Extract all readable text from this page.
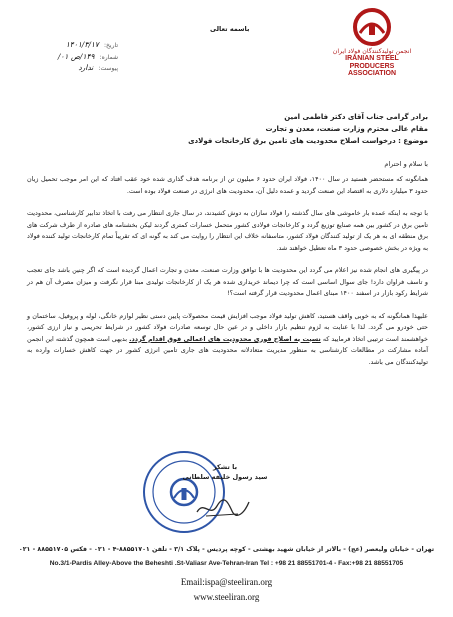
انجمن تولیدکنندگان فولاد ایران
IRANIAN STEEL
PRODUCERS ASSOCIATION
باسمه تعالی
تاریخ: ۱۴۰۱/۳/۱۷
شماره: ۱۴۹/ص ۰۱/
پیوست: ندارد
برادر گرامی جناب آقای دکتر فاطمی امین
مقام عالی محترم وزارت صنعت، معدن و تجارت
موضوع : درخواست اصلاح محدودیت های تامین برق کارخانجات فولادی
با سلام و احترام
همانگونه که مستحضر هستید در سال ۱۴۰۰، فولاد ایران حدود ۶ میلیون تن از برنامه هدف گذاری شده خود عقب افتاد که این امر موجب تحمیل زیان حدود ۳ میلیارد دلاری به اقتصاد این صنعت گردید و عمده دلیل آن، محدودیت های انرژی در صنعت فولاد بوده است.
با توجه به اینکه عمده بار خاموشی های سال گذشته را فولاد سازان به دوش کشیدند، در سال جاری انتظار می رفت با اتخاذ تدابیر کارشناسی، محدودیت تامین برق در کشور بین همه صنایع توزیع گردد و کارخانجات فولادی کشور متحمل خسارات کمتری گردند لیکن بخشنامه های صادره از طرف شرکت های برق منطقه ای به هر یک از تولید کنندگان فولاد کشور، متاسفانه خلاف این انتظار را روایت می کند به گونه ای که تقریباً تمام کارخانجات تولید کننده فولاد به ویژه در بخش خصوصی حدود ۳ ماه تعطیل خواهند شد.
در پیگیری های انجام شده نیز اعلام می گردد این محدودیت ها با توافق وزارت صنعت، معدن و تجارت اعمال گردیده است که اگر چنین باشد جای تعجب و تاسف فراوان دارد! جای سوال اساسی است که چرا دیماند خریداری شده هر یک از کارخانجات تولیدی مبنا قرار نگرفت و میزان مصرف آن هم در شرایط رکود بازار در اسفند ۱۴۰۰ مبنای اعمال محدودیت قرار گرفته است؟!
علیهذا همانگونه که به خوبی واقف هستید، کاهش تولید فولاد موجب افزایش قیمت محصولات پایین دستی نظیر لوازم خانگی، لوله و پروفیل، ساختمان و حتی خودرو می گردد. لذا با عنایت به لزوم تنظیم بازار داخلی و در عین حال توسعه صادرات فولاد کشور در شرایط تحریمی و نیاز ارزی کشور، خواهشمند است ترتیبی اتخاذ فرمایید که نسبت به اصلاح فوری محدودیت های اعمالی فوق اقدام گردد. بدیهی است همچون گذشته این انجمن آماده مشارکت در مطالعات کارشناسی به منظور مدیریت متعادلانه محدودیت های جاری تامین انرژی کشور در جهت کاهش خسارات وارده به تولیدکنندگان می باشد.
با تشکر
سید رسول خلیفه سلطانی
تهران - خیابان ولیعصر (عج) - بالاتر از خیابان شهید بهشتی - کوچه پردیس - پلاک ۳/۱ - تلفن ۸۸۵۵۱۷۰۱-۴ - ۰۲۱ - فکس ۸۸۵۵۱۷۰۵ - ۰۲۱
No.3/1-Pardis Alley-Above the Beheshti .St-Valiasr Ave-Tehran-Iran Tel : +98 21 88551701-4 - Fax:+98 21 88551705
Email:ispa@steeliran.org
www.steeliran.org
